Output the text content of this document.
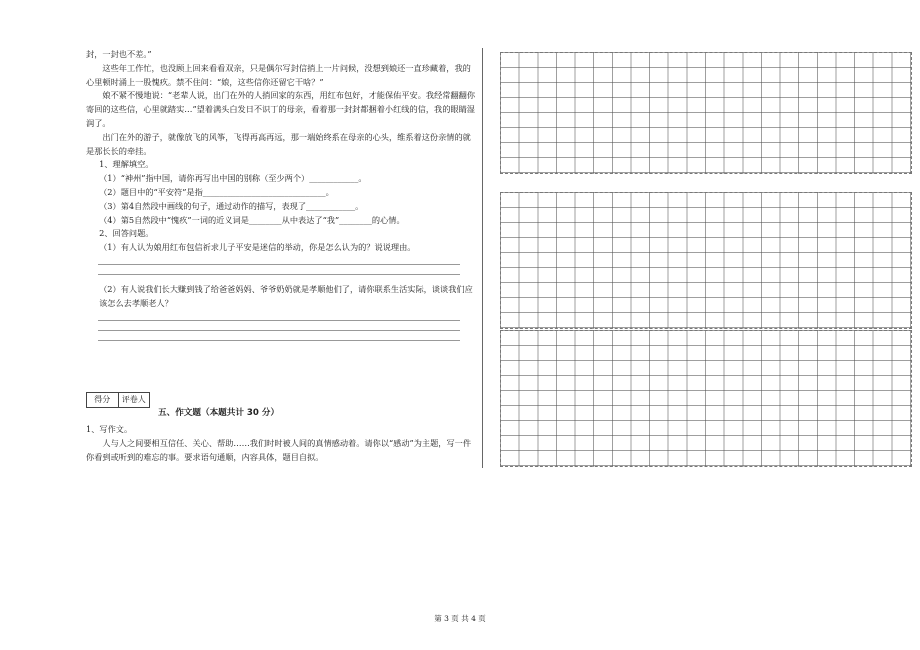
封，一封也不差。”

这些年工作忙，也没顾上回来看看双亲，只是偶尔写封信捎上一片问候，没想到娘还一直珍藏着，我的心里顿时涌上一股愧疚。禁不住问：“娘，这些信你还留它干啥？”

娘不紧不慢地说：“老辈人说，出门在外的人捎回家的东西，用红布包好，才能保佑平安。我经常翻翻你寄回的这些信，心里就踏实…”望着满头白发日不识丁的母亲，看着那一封封都捆着小红线的信，我的眼睛湿润了。

出门在外的游子，就像放飞的风筝，飞得再高再远，那一端始终系在母亲的心头，维系着这份亲情的就是那长长的牵挂。

1、理解填空。

（1）“神州”指中国，请你再写出中国的别称（至少两个）____________。

（2）题目中的“平安符”是指______________________________。

（3）第4自然段中画线的句子，通过动作的描写，表现了____________。

（4）第5自然段中“愧疚”一词的近义词是________从中表达了“我”________的心情。

2、回答问题。

（1）有人认为娘用红布包信祈求儿子平安是迷信的举动，你是怎么认为的？说说理由。

（2）有人说我们长大赚到钱了给爸爸妈妈、爷爷奶奶就是孝顺他们了，请你联系生活实际，谈谈我们应该怎么去孝顺老人？

得分	评卷人
五、作文题（本题共计 30 分）

1、写作文。

人与人之间要相互信任、关心、帮助……我们时时被人间的真情感动着。请你以“感动”为主题，写一件你看到或听到的难忘的事。要求语句通顺，内容具体，题目自拟。

第 3 页 共 4 页
